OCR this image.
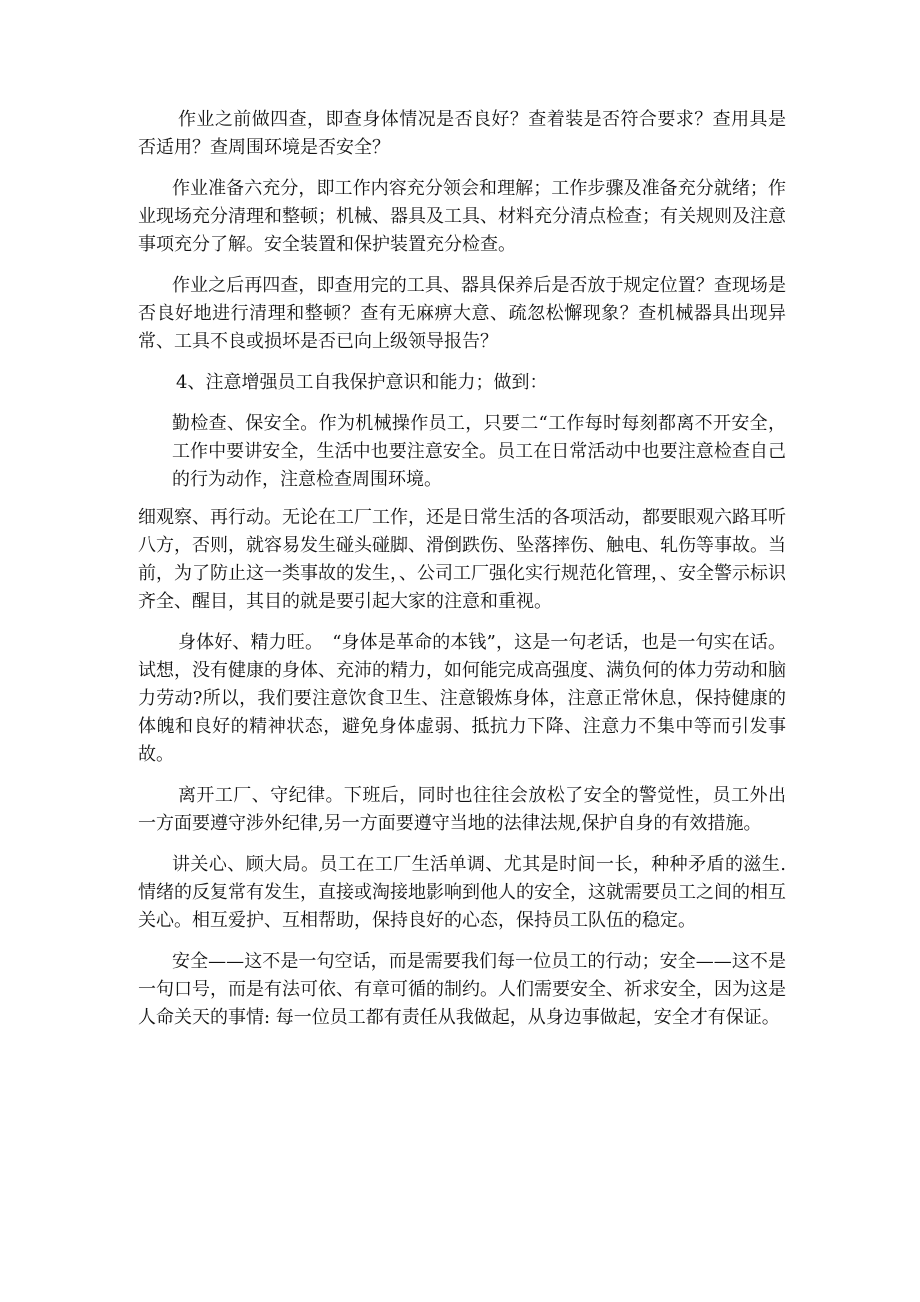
作业之前做四查，即查身体情况是否良好？查着装是否符合要求？查用具是否适用？查周围环境是否安全？

作业准备六充分，即工作内容充分领会和理解；工作步骤及准备充分就绪；作业现场充分清理和整顿；机械、器具及工具、材料充分清点检查；有关规则及注意事项充分了解。安全装置和保护装置充分检查。

作业之后再四查，即查用完的工具、器具保养后是否放于规定位置？查现场是否良好地进行清理和整顿？查有无麻痹大意、疏忽松懈现象？查机械器具出现异常、工具不良或损坏是否已向上级领导报告？

4、注意增强员工自我保护意识和能力；做到：

勤检查、保安全。作为机械操作员工，只要二“工作每时每刻都离不开安全，工作中要讲安全，生活中也要注意安全。员工在日常活动中也要注意检查自己的行为动作，注意检查周围环境。

细观察、再行动。无论在工厂工作，还是日常生活的各项活动，都要眼观六路耳听八方，否则，就容易发生碰头碰脚、滑倒跌伤、坠落摔伤、触电、轧伤等事故。当前，为了防止这一类事故的发生，、公司工厂强化实行规范化管理，、安全警示标识齐全、醒目，其目的就是要引起大家的注意和重视。

身体好、精力旺。　“身体是革命的本钱”，这是一句老话，也是一句实在话。试想，没有健康的身体、充沛的精力，如何能完成高强度、满负何的体力劳动和脑力劳动?所以，我们要注意饮食卫生、注意锻炼身体，注意正常休息，保持健康的体魄和良好的精神状态，避免身体虚弱、抵抗力下降、注意力不集中等而引发事故。

离开工厂、守纪律。下班后，同时也往往会放松了安全的警觉性，员工外出一方面要遵守涉外纪律,另一方面要遵守当地的法律法规,保护自身的有效措施。

讲关心、顾大局。员工在工厂生活单调、尤其是时间一长，种种矛盾的滋生. 情绪的反复常有发生，直接或淘接地影响到他人的安全，这就需要员工之间的相互关心。相互爱护、互相帮助，保持良好的心态，保持员工队伍的稳定。

安全——这不是一句空话，而是需要我们每一位员工的行动；安全——这不是一句口号，而是有法可依、有章可循的制约。人们需要安全、祈求安全，因为这是人命关天的事情: 每一位员工都有责任从我做起，从身边事做起，安全才有保证。
